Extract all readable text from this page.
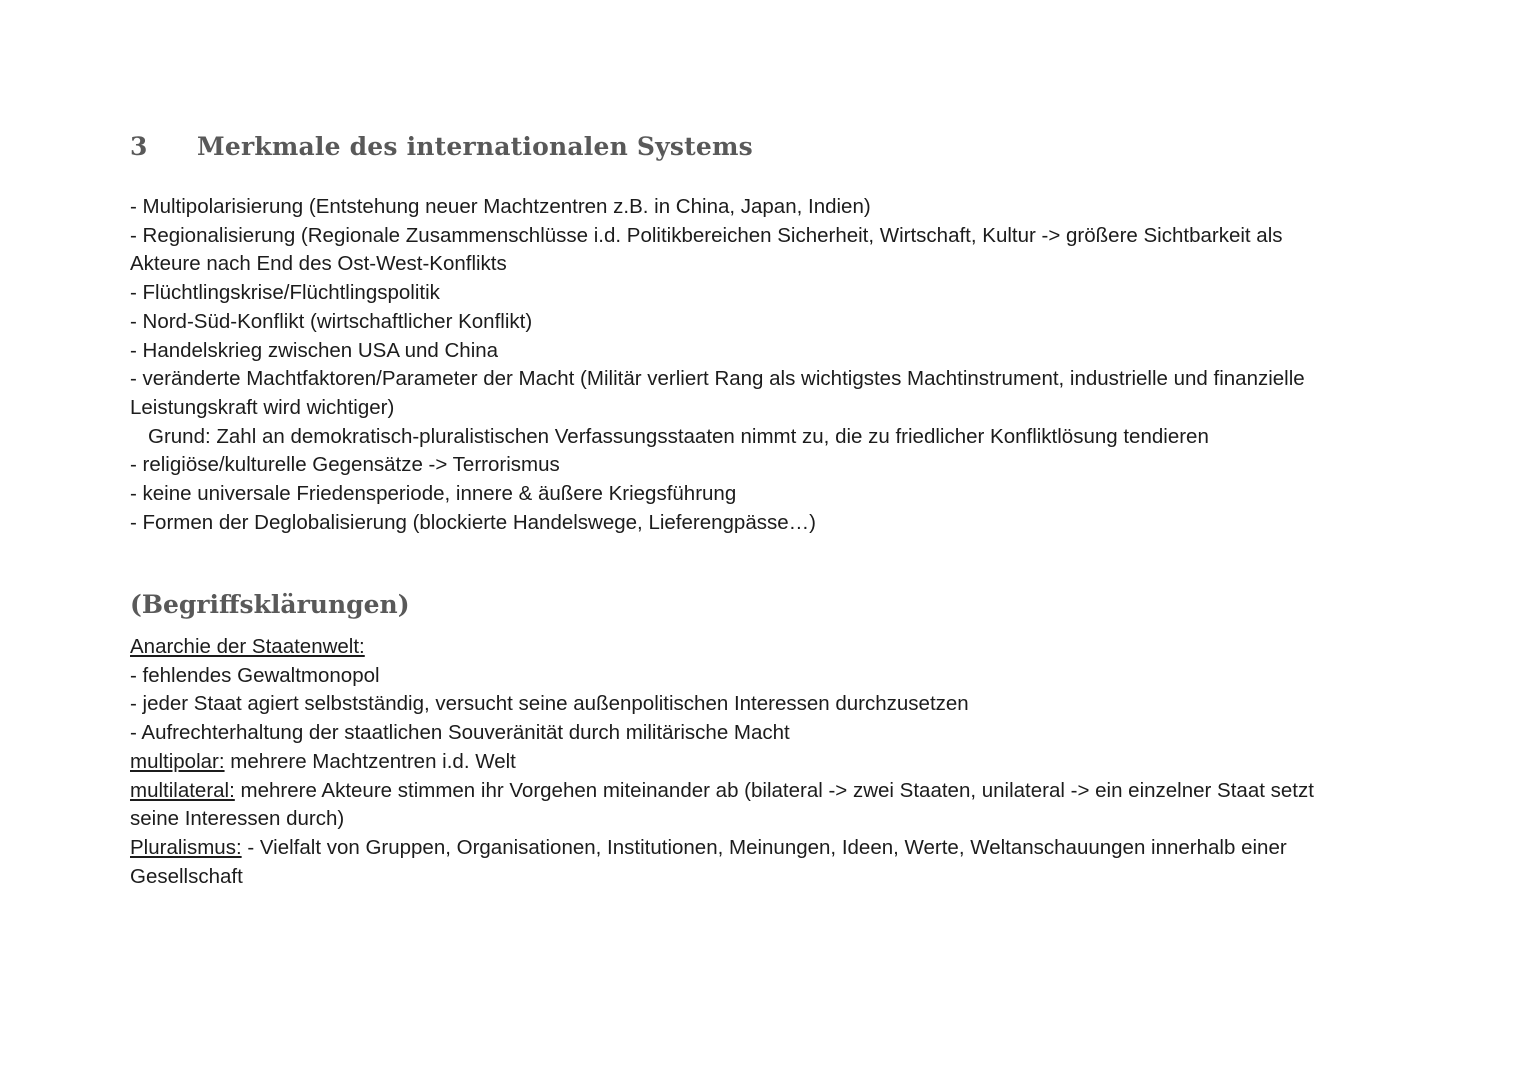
3 Merkmale des internationalen Systems
- Multipolarisierung (Entstehung neuer Machtzentren z.B. in China, Japan, Indien)
- Regionalisierung (Regionale Zusammenschlüsse i.d. Politikbereichen Sicherheit, Wirtschaft, Kultur -> größere Sichtbarkeit als
Akteure nach End des Ost-West-Konflikts
- Flüchtlingskrise/Flüchtlingspolitik
- Nord-Süd-Konflikt (wirtschaftlicher Konflikt)
- Handelskrieg zwischen USA und China
- veränderte Machtfaktoren/Parameter der Macht (Militär verliert Rang als wichtigstes Machtinstrument, industrielle und finanzielle
Leistungskraft wird wichtiger)
Grund: Zahl an demokratisch-pluralistischen Verfassungsstaaten nimmt zu, die zu friedlicher Konfliktlösung tendieren
- religiöse/kulturelle Gegensätze -> Terrorismus
- keine universale Friedensperiode, innere & äußere Kriegsführung
- Formen der Deglobalisierung (blockierte Handelswege, Lieferengpässe…)
(Begriffsklärungen)
Anarchie der Staatenwelt:
- fehlendes Gewaltmonopol
- jeder Staat agiert selbstständig, versucht seine außenpolitischen Interessen durchzusetzen
- Aufrechterhaltung der staatlichen Souveränität durch militärische Macht
multipolar: mehrere Machtzentren i.d. Welt
multilateral: mehrere Akteure stimmen ihr Vorgehen miteinander ab (bilateral -> zwei Staaten, unilateral -> ein einzelner Staat setzt
seine Interessen durch)
Pluralismus: - Vielfalt von Gruppen, Organisationen, Institutionen, Meinungen, Ideen, Werte, Weltanschauungen innerhalb einer
Gesellschaft
